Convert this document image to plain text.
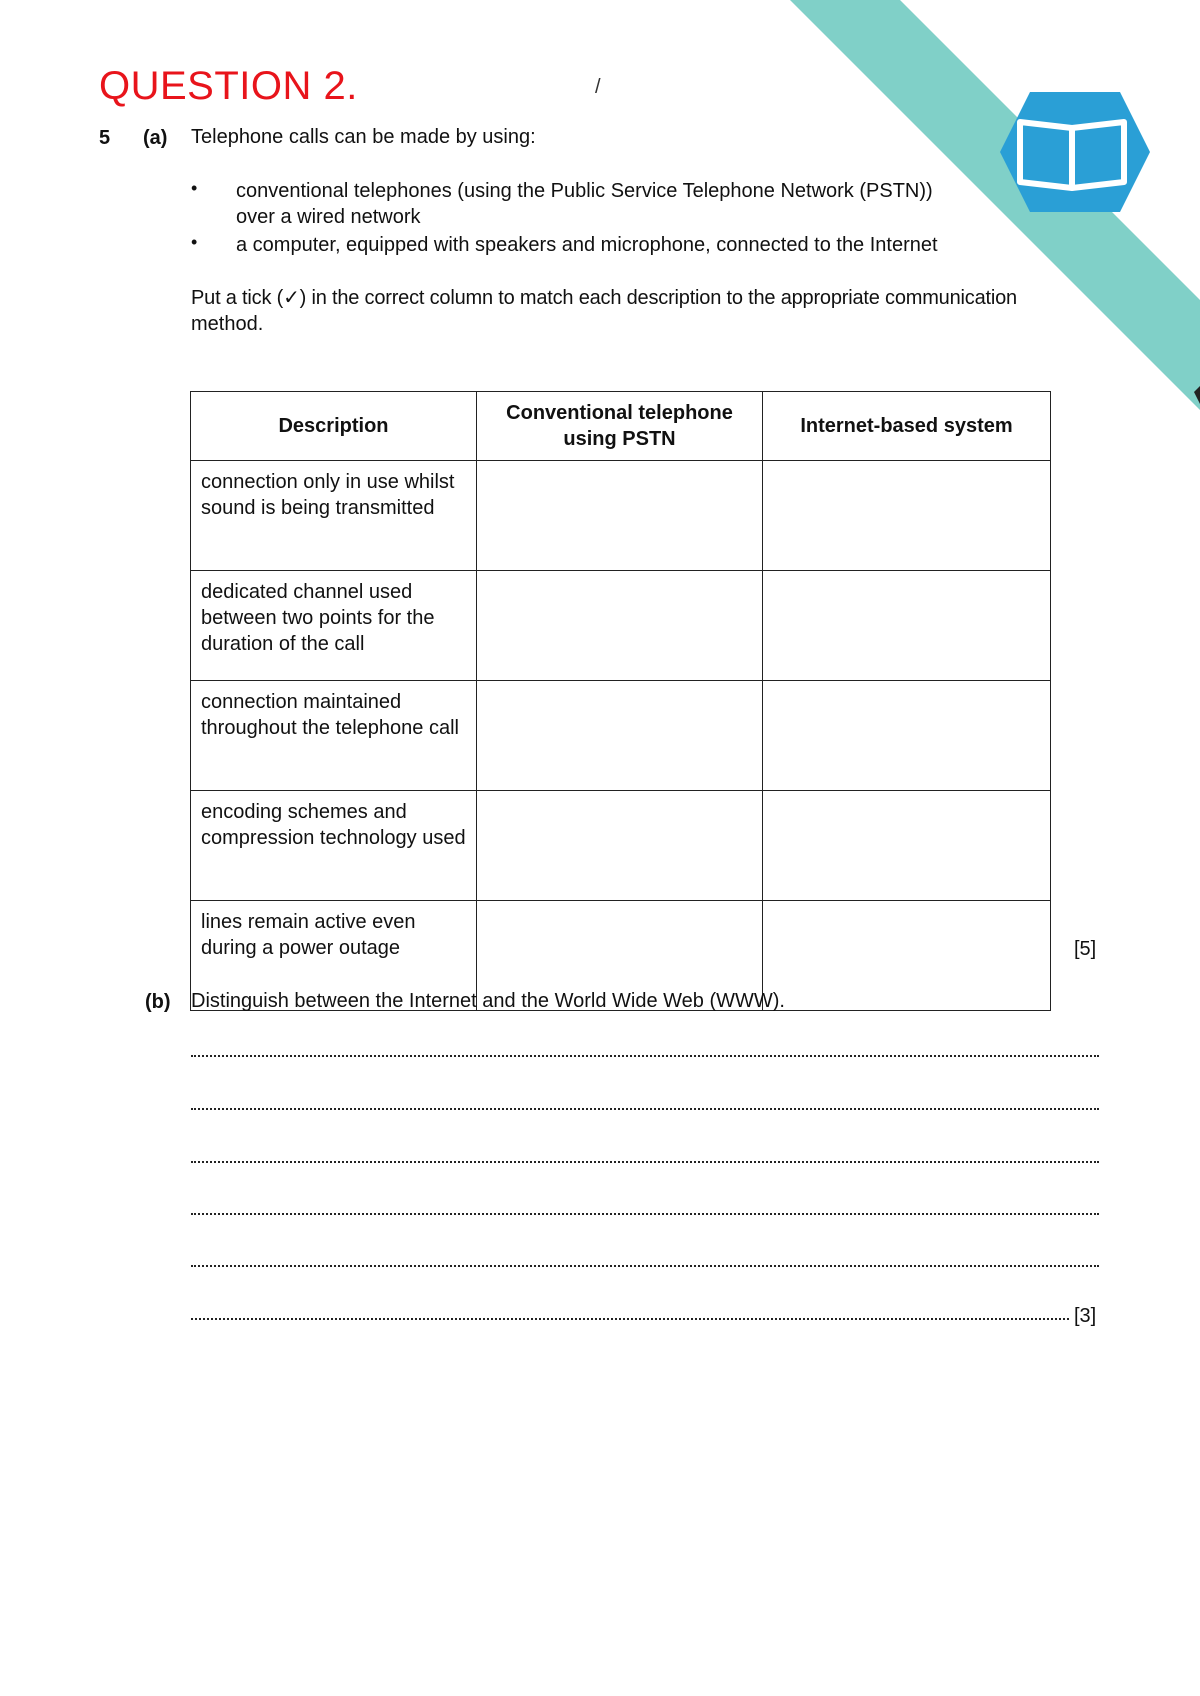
QUESTION 2.	/
5 (a) Telephone calls can be made by using:
• conventional telephones (using the Public Service Telephone Network (PSTN))
over a wired network
• a computer, equipped with speakers and microphone, connected to the Internet
Put a tick (✓) in the correct column to match each description to the appropriate communication
method.
Description	Conventional telephone using PSTN	Internet-based system
connection only in use whilst sound is being transmitted		
dedicated channel used between two points for the duration of the call		
connection maintained throughout the telephone call		
encoding schemes and compression technology used		
lines remain active even during a power outage			[5]
(b) Distinguish between the Internet and the World Wide Web (WWW).
[3]
